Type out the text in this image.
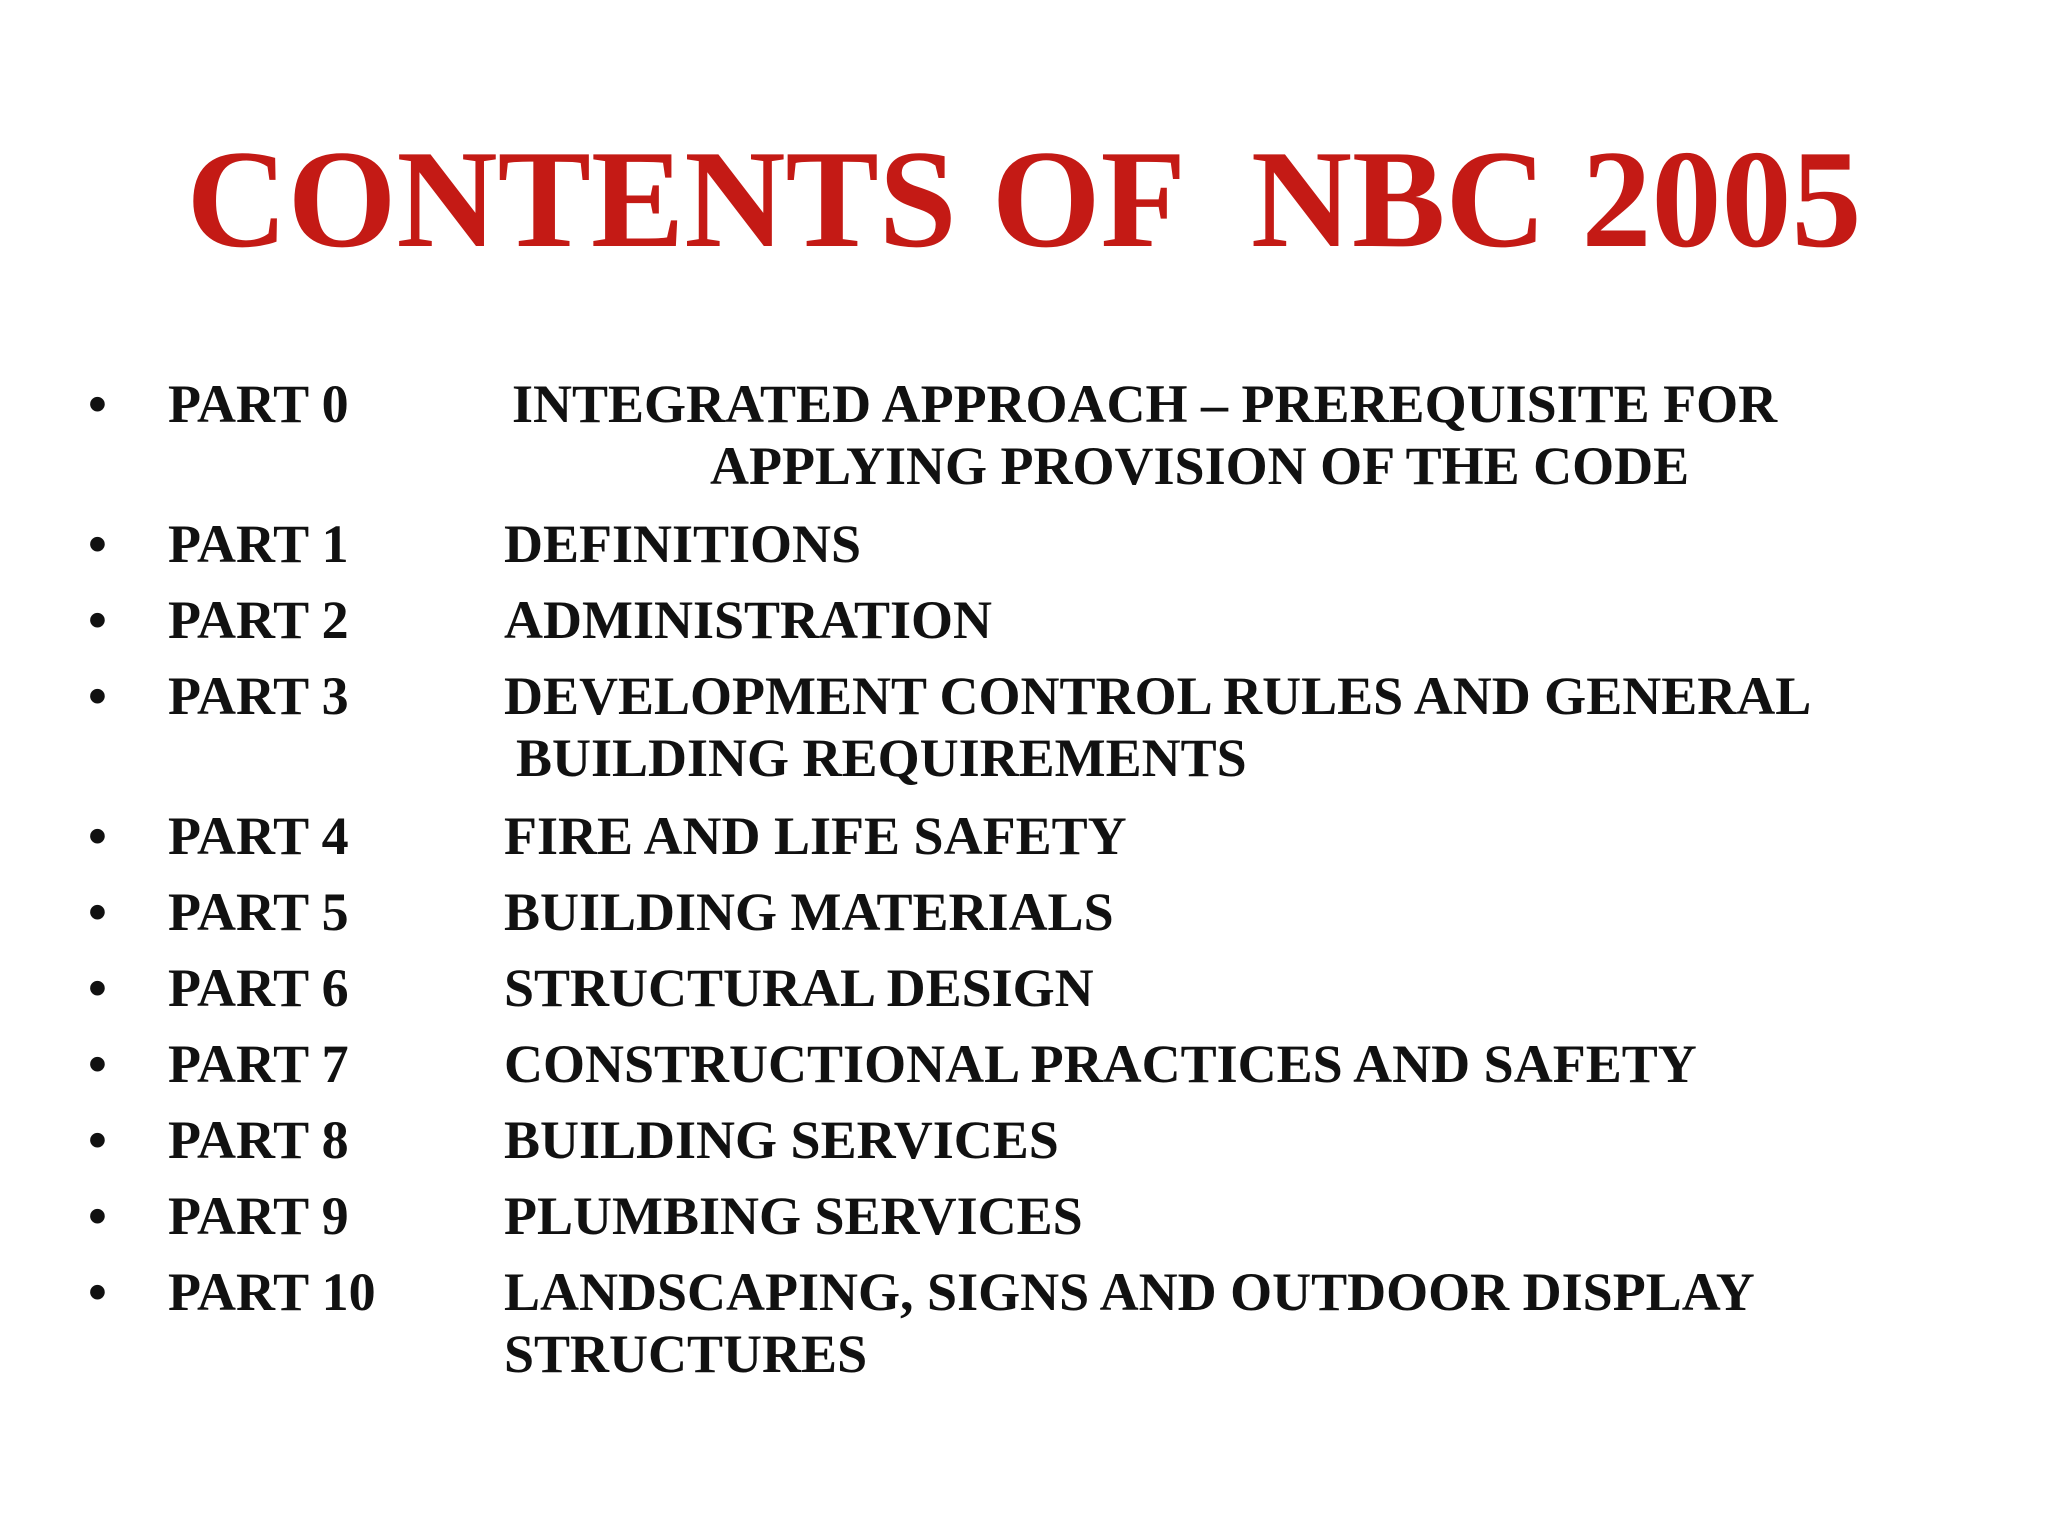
CONTENTS OF  NBC 2005
• PART 0	INTEGRATED APPROACH – PREREQUISITE FOR
APPLYING PROVISION OF THE CODE
• PART 1	DEFINITIONS
• PART 2	ADMINISTRATION
• PART 3	DEVELOPMENT CONTROL RULES AND GENERAL
BUILDING REQUIREMENTS
• PART 4	FIRE AND LIFE SAFETY
• PART 5	BUILDING MATERIALS
• PART 6	STRUCTURAL DESIGN
• PART 7	CONSTRUCTIONAL PRACTICES AND SAFETY
• PART 8	BUILDING SERVICES
• PART 9	PLUMBING SERVICES
• PART 10 LANDSCAPING, SIGNS AND OUTDOOR DISPLAY
STRUCTURES
